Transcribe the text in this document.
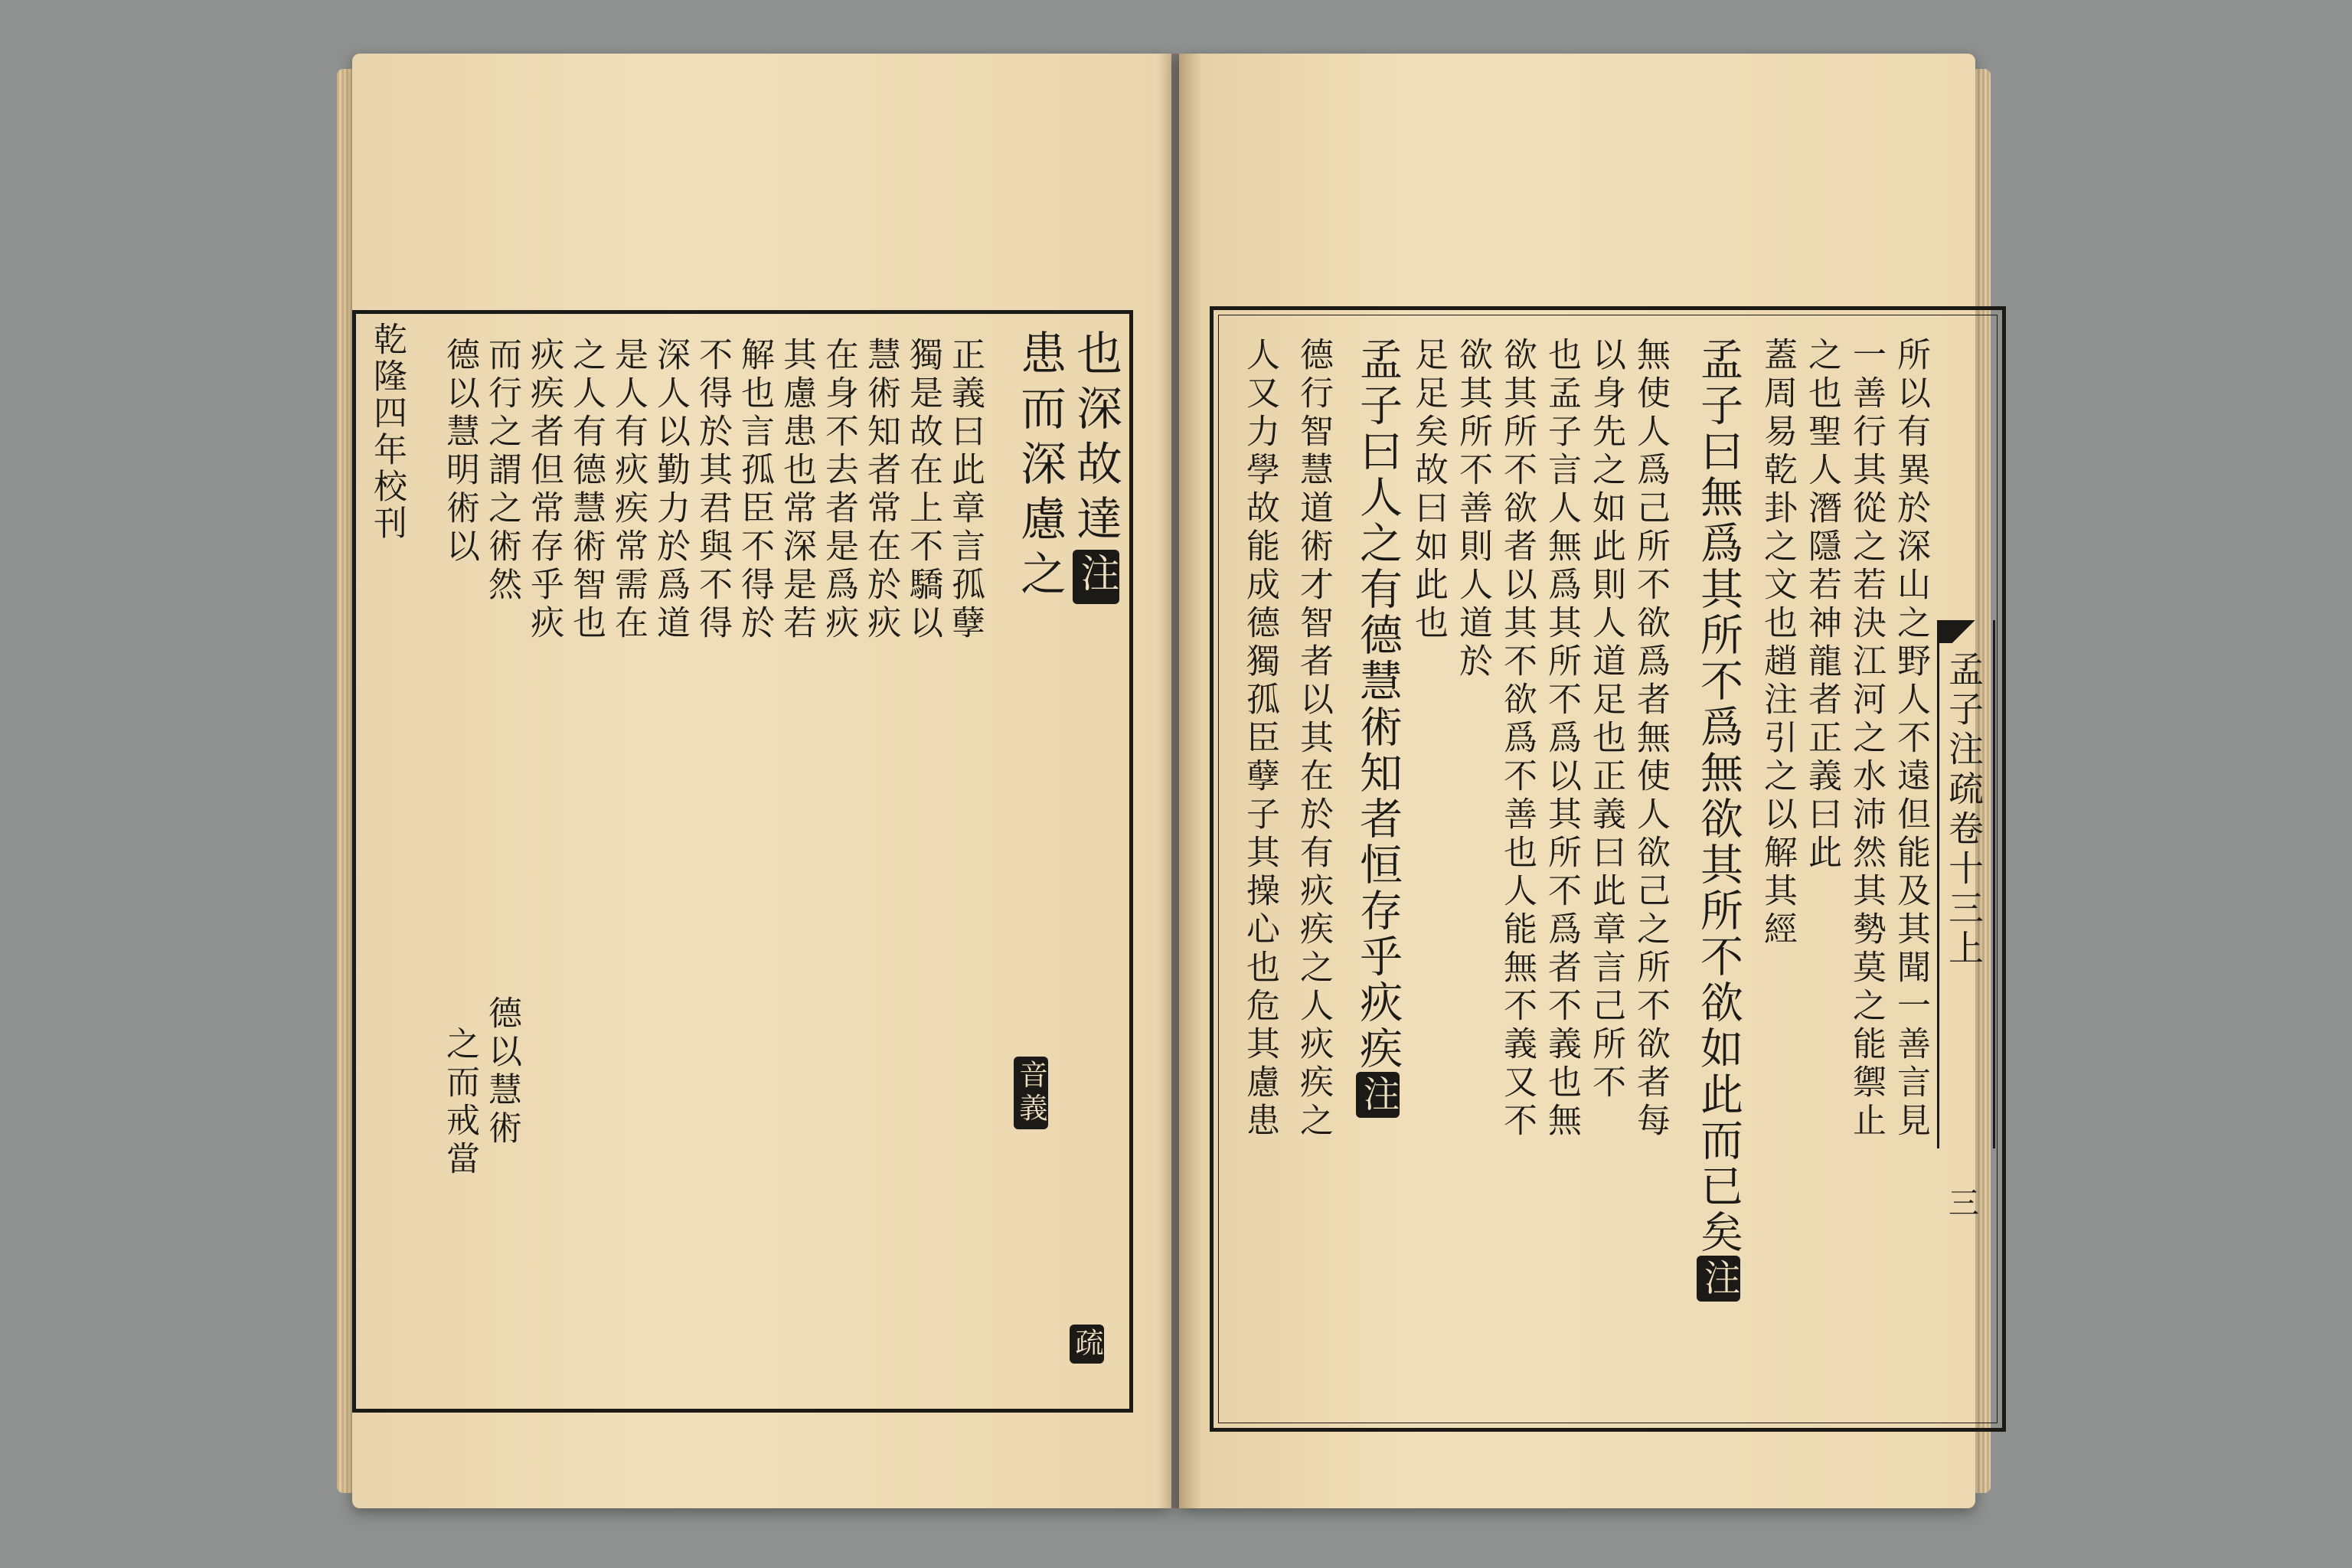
乾隆四年校刊	也深故達注
患而深慮之
音義
疏
正義曰此章言孤孽
獨是故在上不驕以
慧術知者常在於疢
在身不去者是爲疢
其慮患也常深是若
解也言孤臣不得於
不得於其君與不得
深人以勤力於爲道
是人有疢疾常需在
之人有德慧術智也
疢疾者但常存乎疢
而行之謂之術然
德以慧明術以
德以慧術
之而戒當
孟子注疏卷十三上
三
所以有異於深山之野人不遠但能及其聞一善言見
一善行其從之若決江河之水沛然其勢莫之能禦止
之也聖人潛隱若神龍者正義曰此
蓋周易乾卦之文也趙注引之以解其經
孟子曰無爲其所不爲無欲其所不欲如此而已矣注
無使人爲己所不欲爲者無使人欲己之所不欲者每
以身先之如此則人道足也正義曰此章言己所不
也孟子言人無爲其所不爲以其所不爲者不義也無
欲其所不欲者以其不欲爲不善也人能無不義又不
欲其所不善則人道於
足足矣故曰如此也
孟子曰人之有德慧術知者恒存乎疢疾注
德行智慧道術才智者以其在於有疢疾之人疢疾之
人又力學故能成德獨孤臣孽子其操心也危其慮患
